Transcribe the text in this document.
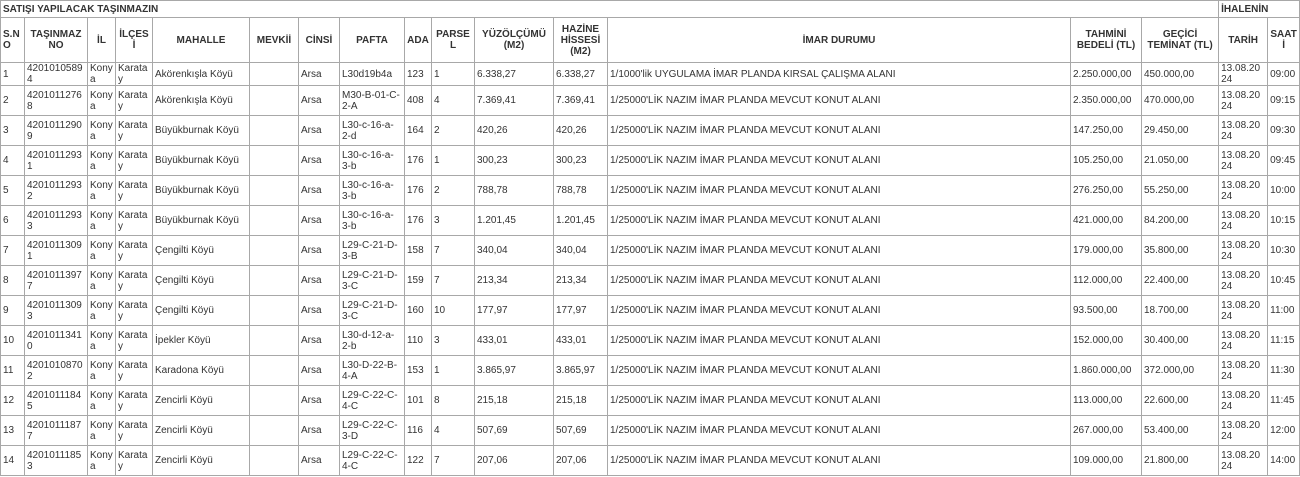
SATIŞI YAPILACAK TAŞINMAZIN															İHALENİN	
S.NO	TAŞINMAZ NO	İL	İLÇESİ	MAHALLE	MEVKİİ	CİNSİ	PAFTA	ADA	PARSEL	YÜZÖLÇÜMÜ (M2)	HAZİNE HİSSESİ (M2)	İMAR DURUMU	TAHMİNİ BEDELİ (TL)	GEÇİCİ TEMİNAT (TL)	TARİH	SAATİ
1	42010105894	Konya	Karatay	Akörenkışla Köyü		Arsa	L30d19b4a	123	1	6.338,27	6.338,27	1/1000'lik UYGULAMA İMAR PLANDA KIRSAL ÇALIŞMA ALANI	2.250.000,00	450.000,00	13.08.2024	09:00
2	42010112768	Konya	Karatay	Akörenkışla Köyü		Arsa	M30-B-01-C-2-A	408	4	7.369,41	7.369,41	1/25000'LİK NAZIM İMAR PLANDA MEVCUT KONUT ALANI	2.350.000,00	470.000,00	13.08.2024	09:15
3	42010112909	Konya	Karatay	Büyükburnak Köyü		Arsa	L30-c-16-a-2-d	164	2	420,26	420,26	1/25000'LİK NAZIM İMAR PLANDA MEVCUT KONUT ALANI	147.250,00	29.450,00	13.08.2024	09:30
4	42010112931	Konya	Karatay	Büyükburnak Köyü		Arsa	L30-c-16-a-3-b	176	1	300,23	300,23	1/25000'LİK NAZIM İMAR PLANDA MEVCUT KONUT ALANI	105.250,00	21.050,00	13.08.2024	09:45
5	42010112932	Konya	Karatay	Büyükburnak Köyü		Arsa	L30-c-16-a-3-b	176	2	788,78	788,78	1/25000'LİK NAZIM İMAR PLANDA MEVCUT KONUT ALANI	276.250,00	55.250,00	13.08.2024	10:00
6	42010112933	Konya	Karatay	Büyükburnak Köyü		Arsa	L30-c-16-a-3-b	176	3	1.201,45	1.201,45	1/25000'LİK NAZIM İMAR PLANDA MEVCUT KONUT ALANI	421.000,00	84.200,00	13.08.2024	10:15
7	42010113091	Konya	Karatay	Çengilti Köyü		Arsa	L29-C-21-D-3-B	158	7	340,04	340,04	1/25000'LİK NAZIM İMAR PLANDA MEVCUT KONUT ALANI	179.000,00	35.800,00	13.08.2024	10:30
8	42010113977	Konya	Karatay	Çengilti Köyü		Arsa	L29-C-21-D-3-C	159	7	213,34	213,34	1/25000'LİK NAZIM İMAR PLANDA MEVCUT KONUT ALANI	112.000,00	22.400,00	13.08.2024	10:45
9	42010113093	Konya	Karatay	Çengilti Köyü		Arsa	L29-C-21-D-3-C	160	10	177,97	177,97	1/25000'LİK NAZIM İMAR PLANDA MEVCUT KONUT ALANI	93.500,00	18.700,00	13.08.2024	11:00
10	42010113410	Konya	Karatay	İpekler Köyü		Arsa	L30-d-12-a-2-b	110	3	433,01	433,01	1/25000'LİK NAZIM İMAR PLANDA MEVCUT KONUT ALANI	152.000,00	30.400,00	13.08.2024	11:15
11	42010108702	Konya	Karatay	Karadona Köyü		Arsa	L30-D-22-B-4-A	153	1	3.865,97	3.865,97	1/25000'LİK NAZIM İMAR PLANDA MEVCUT KONUT ALANI	1.860.000,00	372.000,00	13.08.2024	11:30
12	42010111845	Konya	Karatay	Zencirli Köyü		Arsa	L29-C-22-C-4-C	101	8	215,18	215,18	1/25000'LİK NAZIM İMAR PLANDA MEVCUT KONUT ALANI	113.000,00	22.600,00	13.08.2024	11:45
13	42010111877	Konya	Karatay	Zencirli Köyü		Arsa	L29-C-22-C-3-D	116	4	507,69	507,69	1/25000'LİK NAZIM İMAR PLANDA MEVCUT KONUT ALANI	267.000,00	53.400,00	13.08.2024	12:00
14	42010111853	Konya	Karatay	Zencirli Köyü		Arsa	L29-C-22-C-4-C	122	7	207,06	207,06	1/25000'LİK NAZIM İMAR PLANDA MEVCUT KONUT ALANI	109.000,00	21.800,00	13.08.2024	14:00
